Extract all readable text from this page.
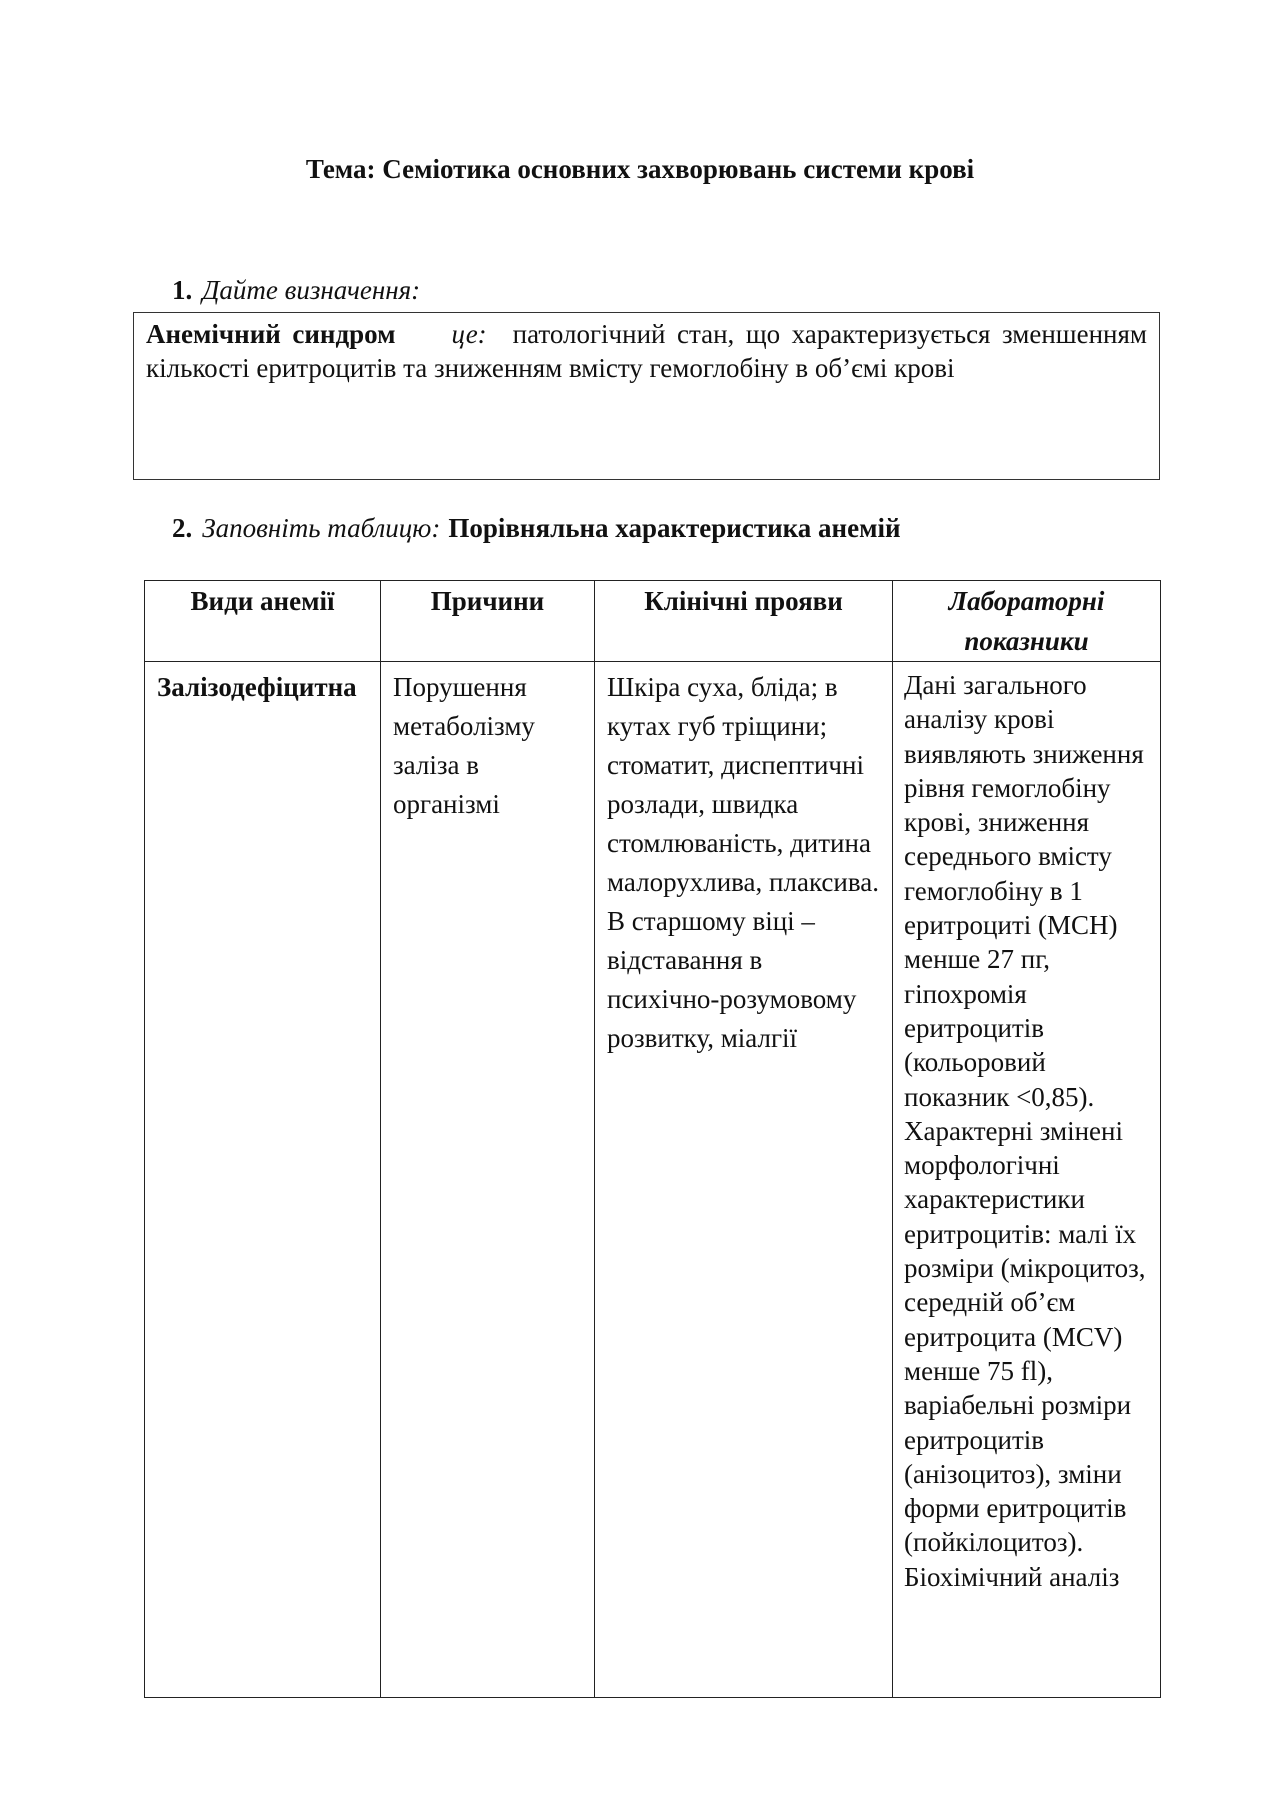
Тема: Семіотика основних захворювань системи крові
1. Дайте визначення:
Анемічний синдром це: патологічний стан, що характеризується зменшенням кількості еритроцитів та зниженням вмісту гемоглобіну в об’ємі крові
2. Заповніть таблицю: Порівняльна характеристика анемій
Види анемії	Причини	Клінічні прояви	Лабораторні показники
Залізодефіцитна	Порушення метаболізму заліза в організмі	Шкіра суха, бліда; в кутах губ тріщини; стоматит, диспептичні розлади, швидка стомлюваність, дитина малорухлива, плаксива. В старшому віці – відставання в психічно-розумовому розвитку, міалгії	Дані загального аналізу крові виявляють зниження рівня гемоглобіну крові, зниження середнього вмісту гемоглобіну в 1 еритроциті (MCH) менше 27 пг, гіпохромія еритроцитів (кольоровий показник <0,85). Характерні змінені морфологічні характеристики еритроцитів: малі їх розміри (мікроцитоз, середній об’єм еритроцита (MCV) менше 75 fl), варіабельні розміри еритроцитів (анізоцитоз), зміни форми еритроцитів (пойкілоцитоз). Біохімічний аналіз
